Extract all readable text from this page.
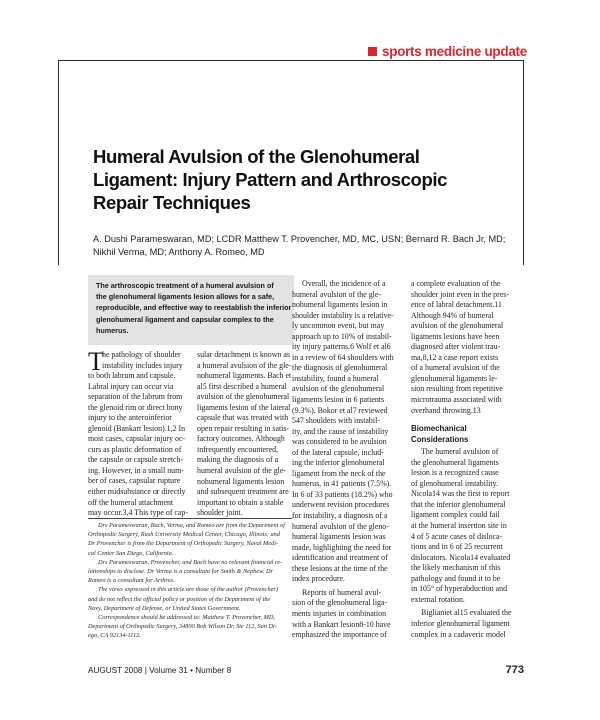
sports medicine update
Humeral Avulsion of the Glenohumeral
Ligament: Injury Pattern and Arthroscopic
Repair Techniques
A. Dushi Parameswaran, MD; LCDR Matthew T. Provencher, MD, MC, USN; Bernard R. Bach Jr, MD;
Nikhil Verma, MD; Anthony A. Romeo, MD
The arthroscopic treatment of a humeral avulsion of
the glenohumeral ligaments lesion allows for a safe,
reproducible, and effective way to reestablish the inferior
glenohumeral ligament and capsular complex to the
humerus.
T
he pathology of shoulder
instability includes injury
to both labrum and capsule.
Labral injury can occur via
separation of the labrum from
the glenoid rim or direct bony
injury to the anteroinferior
glenoid (Bankart lesion).1,2 In
most cases, capsular injury oc-
curs as plastic deformation of
the capsule or capsule stretch-
ing. However, in a small num-
ber of cases, capsular rupture
either midsubstance or directly
off the humeral attachment
may occur.3,4 This type of cap-
sular detachment is known as
a humeral avulsion of the gle-
nohumeral ligaments. Bach et
al5 first described a humeral
avulsion of the glenohumeral
ligaments lesion of the lateral
capsule that was treated with
open repair resulting in satis-
factory outcomes. Although
infrequently encountered,
making the diagnosis of a
humeral avulsion of the gle-
nohumeral ligaments lesion
and subsequent treatment are
important to obtain a stable
shoulder joint.
Overall, the incidence of a
humeral avulsion of the gle-
nohumeral ligaments lesion in
shoulder instability is a relative-
ly uncommon event, but may
approach up to 10% of instabil-
ity injury patterns.6 Wolf et al6
in a review of 64 shoulders with
the diagnosis of glenohumeral
instability, found a humeral
avulsion of the glenohumeral
ligaments lesion in 6 patients
(9.3%). Bokor et al7 reviewed
547 shoulders with instabil-
ity, and the cause of instability
was considered to be avulsion
of the lateral capsule, includ-
ing the inferior glenohumeral
ligament from the neck of the
humerus, in 41 patients (7.5%).
In 6 of 33 patients (18.2%) who
underwent revision procedures
for instability, a diagnosis of a
humeral avulsion of the gleno-
humeral ligaments lesion was
made, highlighting the need for
identification and treatment of
these lesions at the time of the
index procedure.
Reports of humeral avul-
sion of the glenohumeral liga-
ments injuries in combination
with a Bankart lesion8-10 have
emphasized the importance of
a complete evaluation of the
shoulder joint even in the pres-
ence of labral detachment.11
Although 94% of humeral
avulsion of the glenohumeral
ligaments lesions have been
diagnosed after violent trau-
ma,8,12 a case report exists
of a humeral avulsion of the
glenohumeral ligaments le-
sion resulting from repetitive
microtrauma associated with
overhand throwing.13
Biomechanical
Considerations
The humeral avulsion of
the glenohumeral ligaments
lesion is a recognized cause
of glenohumeral instability.
Nicola14 was the first to report
that the inferior glenohumeral
ligament complex could fail
at the humeral insertion site in
4 of 5 acute cases of disloca-
tions and in 6 of 25 recurrent
dislocators. Nicola14 evaluated
the likely mechanism of this
pathology and found it to be
in 105° of hyperabduction and
external rotation.
Biglianiet al15 evaluated the
inferior glenohumeral ligament
complex in a cadaveric model
Drs Parameswaran, Bach, Verma, and Romeo are from the Department of
Orthopedic Surgery, Rush University Medical Center, Chicago, Illinois; and
Dr Provencher is from the Department of Orthopedic Surgery, Naval Medi-
cal Center San Diego, California.
Drs Parameswaran, Provencher, and Bach have no relevant financial re-
lationships to disclose. Dr Verma is a consultant for Smith & Nephew. Dr
Romeo is a consultant for Arthrex.
The views expressed in this article are those of the author (Provencher)
and do not reflect the official policy or position of the Department of the
Navy, Department of Defense, or United States Government.
Correspondence should be addressed to: Matthew T. Provencher, MD,
Department of Orthopedic Surgery, 34800 Bob Wilson Dr, Ste 112, San Di-
ego, CA 92134-1112.
AUGUST 2008 | Volume 31 • Number 8	773
